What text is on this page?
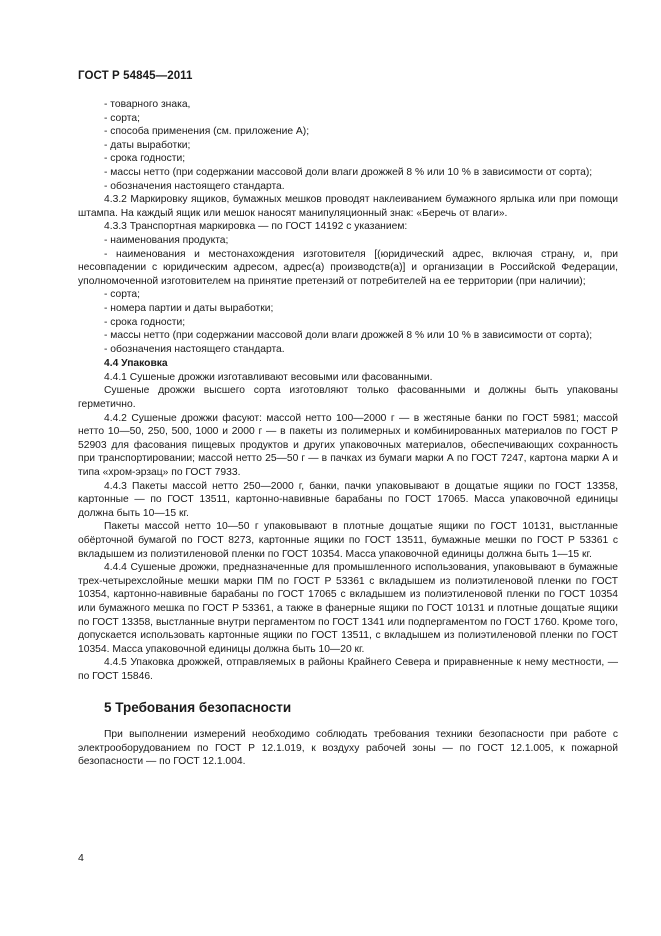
ГОСТ Р 54845—2011

- товарного знака,

- сорта;

- способа применения (см. приложение А);

- даты выработки;

- срока годности;

- массы нетто (при содержании массовой доли влаги дрожжей 8 % или 10 % в зависимости от сорта);

- обозначения настоящего стандарта.

4.3.2 Маркировку ящиков, бумажных мешков проводят наклеиванием бумажного ярлыка или при помощи штампа. На каждый ящик или мешок наносят манипуляционный знак: «Беречь от влаги».

4.3.3 Транспортная маркировка — по ГОСТ 14192 с указанием:

- наименования продукта;

- наименования и местонахождения изготовителя [(юридический адрес, включая страну, и, при несовпадении с юридическим адресом, адрес(а) производств(а)] и организации в Российской Федерации, уполномоченной изготовителем на принятие претензий от потребителей на ее территории (при наличии);

- сорта;

- номера партии и даты выработки;

- срока годности;

- массы нетто (при содержании массовой доли влаги дрожжей 8 % или 10 % в зависимости от сорта);

- обозначения настоящего стандарта.

4.4 Упаковка

4.4.1 Сушеные дрожжи изготавливают весовыми или фасованными.

Сушеные дрожжи высшего сорта изготовляют только фасованными и должны быть упакованы герметично.

4.4.2 Сушеные дрожжи фасуют: массой нетто 100—2000 г — в жестяные банки по ГОСТ 5981; массой нетто 10—50, 250, 500, 1000 и 2000 г — в пакеты из полимерных и комбинированных материалов по ГОСТ Р 52903 для фасования пищевых продуктов и других упаковочных материалов, обеспечивающих сохранность при транспортировании; массой нетто 25—50 г — в пачках из бумаги марки А по ГОСТ 7247, картона марки А и типа «хром-эрзац» по ГОСТ 7933.

4.4.3 Пакеты массой нетто 250—2000 г, банки, пачки упаковывают в дощатые ящики по ГОСТ 13358, картонные — по ГОСТ 13511, картонно-навивные барабаны по ГОСТ 17065. Масса упаковочной единицы должна быть 10—15 кг.

Пакеты массой нетто 10—50 г упаковывают в плотные дощатые ящики по ГОСТ 10131, выстланные обёрточной бумагой по ГОСТ 8273, картонные ящики по ГОСТ 13511, бумажные мешки по ГОСТ Р 53361 с вкладышем из полиэтиленовой пленки по ГОСТ 10354. Масса упаковочной единицы должна быть 1—15 кг.

4.4.4 Сушеные дрожжи, предназначенные для промышленного использования, упаковывают в бумажные трех-четырехслойные мешки марки ПМ по ГОСТ Р 53361 с вкладышем из полиэтиленовой пленки по ГОСТ 10354, картонно-навивные барабаны по ГОСТ 17065 с вкладышем из полиэтиленовой пленки по ГОСТ 10354 или бумажного мешка по ГОСТ Р 53361, а также в фанерные ящики по ГОСТ 10131 и плотные дощатые ящики по ГОСТ 13358, выстланные внутри пергаментом по ГОСТ 1341 или подпергаментом по ГОСТ 1760. Кроме того, допускается использовать картонные ящики по ГОСТ 13511, с вкладышем из полиэтиленовой пленки по ГОСТ 10354. Масса упаковочной единицы должна быть 10—20 кг.

4.4.5 Упаковка дрожжей, отправляемых в районы Крайнего Севера и приравненные к нему местности, — по ГОСТ 15846.

5 Требования безопасности

При выполнении измерений необходимо соблюдать требования техники безопасности при работе с электрооборудованием по ГОСТ Р 12.1.019, к воздуху рабочей зоны — по ГОСТ 12.1.005, к пожарной безопасности — по ГОСТ 12.1.004.

4
